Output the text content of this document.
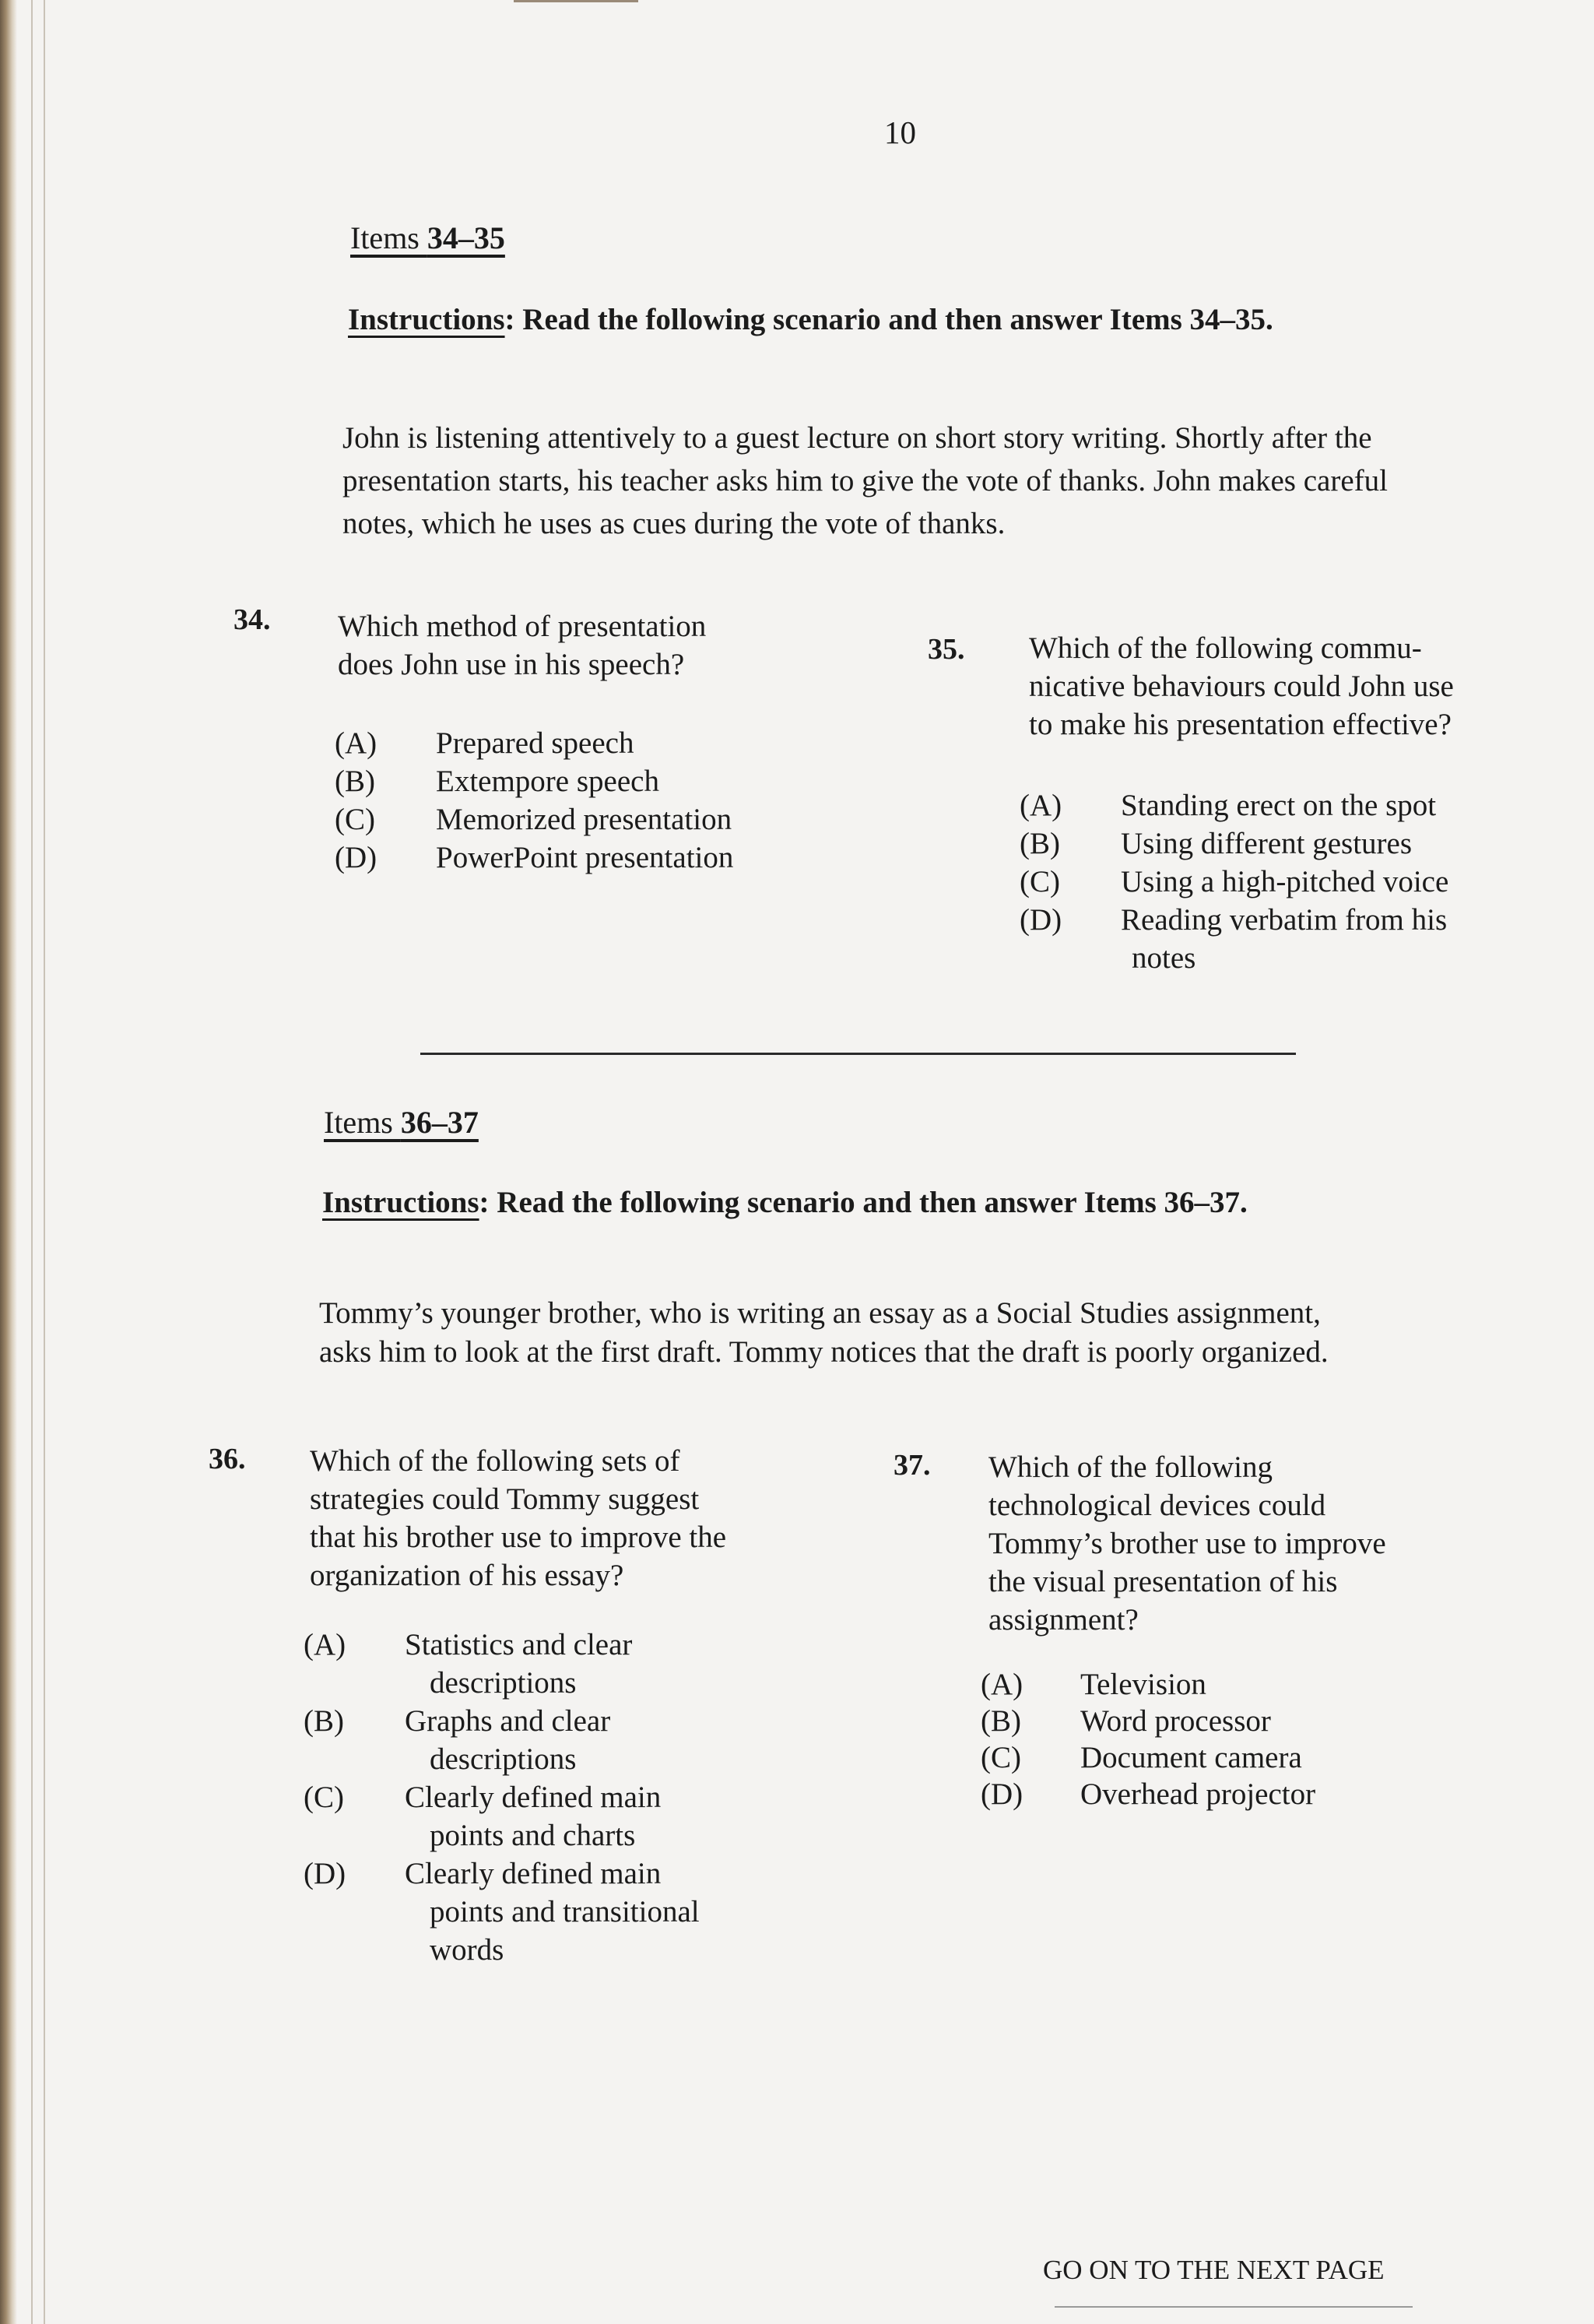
10
Items 34–35
Instructions: Read the following scenario and then answer Items 34–35.
John is listening attentively to a guest lecture on short story writing. Shortly after the
presentation starts, his teacher asks him to give the vote of thanks. John makes careful
notes, which he uses as cues during the vote of thanks.
34. Which method of presentation
does John use in his speech?
(A) Prepared speech
(B) Extempore speech
(C) Memorized presentation
(D) PowerPoint presentation
35. Which of the following commu-
nicative behaviours could John use
to make his presentation effective?
(A) Standing erect on the spot
(B) Using different gestures
(C) Using a high-pitched voice
(D) Reading verbatim from his
notes
Items 36–37
Instructions: Read the following scenario and then answer Items 36–37.
Tommy’s younger brother, who is writing an essay as a Social Studies assignment,
asks him to look at the first draft. Tommy notices that the draft is poorly organized.
36. Which of the following sets of
strategies could Tommy suggest
that his brother use to improve the
organization of his essay?
(A)	Statistics and clear
descriptions
(B)	Graphs and clear
descriptions
(C)	Clearly defined main
points and charts
(D)	Clearly defined main
points and transitional
words
37. Which of the following
technological devices could
Tommy’s brother use to improve
the visual presentation of his
assignment?
(A) Television
(B) Word processor
(C) Document camera
(D) Overhead projector
GO ON TO THE NEXT PAGE
